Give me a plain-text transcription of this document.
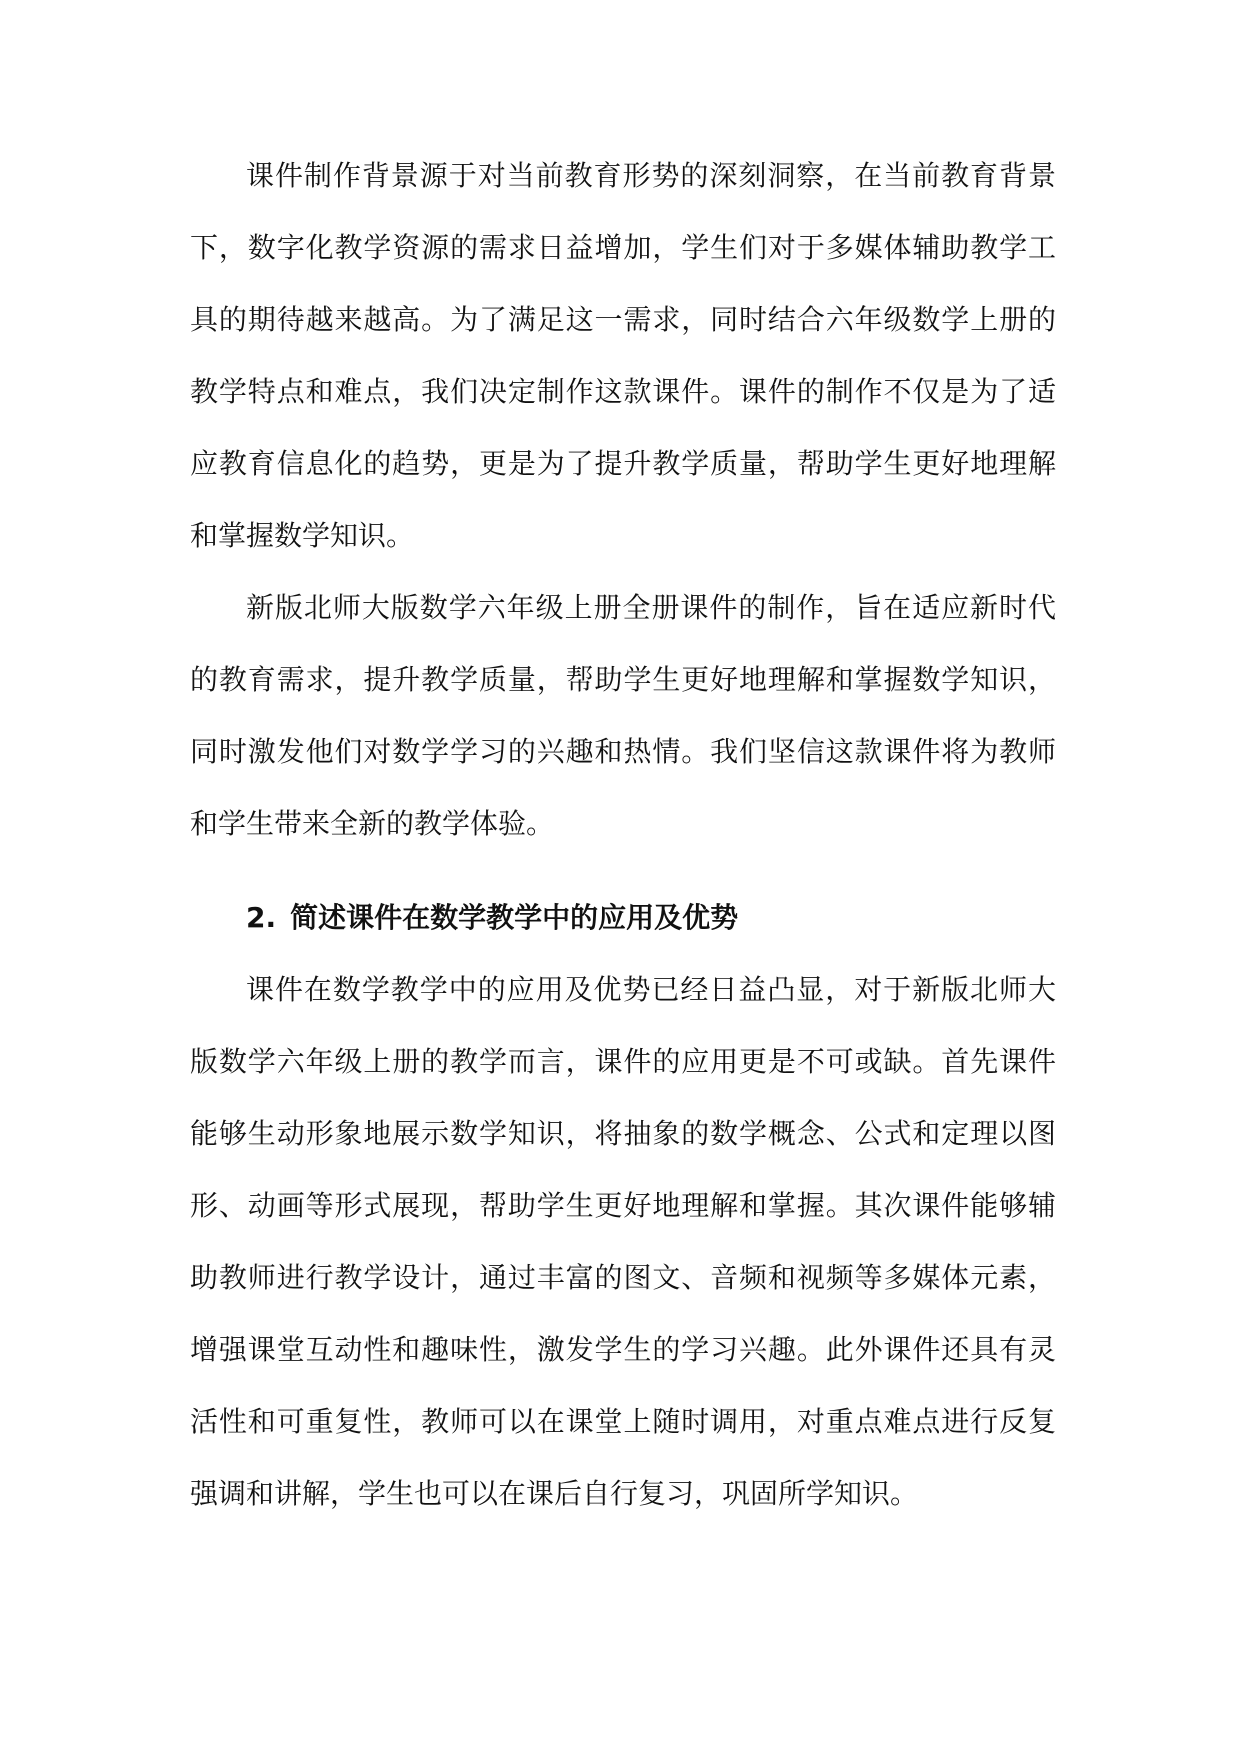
课件制作背景源于对当前教育形势的深刻洞察，在当前教育背景下，数字化教学资源的需求日益增加，学生们对于多媒体辅助教学工具的期待越来越高。为了满足这一需求，同时结合六年级数学上册的教学特点和难点，我们决定制作这款课件。课件的制作不仅是为了适应教育信息化的趋势，更是为了提升教学质量，帮助学生更好地理解和掌握数学知识。

新版北师大版数学六年级上册全册课件的制作，旨在适应新时代的教育需求，提升教学质量，帮助学生更好地理解和掌握数学知识，同时激发他们对数学学习的兴趣和热情。我们坚信这款课件将为教师和学生带来全新的教学体验。

2. 简述课件在数学教学中的应用及优势

课件在数学教学中的应用及优势已经日益凸显，对于新版北师大版数学六年级上册的教学而言，课件的应用更是不可或缺。首先课件能够生动形象地展示数学知识，将抽象的数学概念、公式和定理以图形、动画等形式展现，帮助学生更好地理解和掌握。其次课件能够辅助教师进行教学设计，通过丰富的图文、音频和视频等多媒体元素，增强课堂互动性和趣味性，激发学生的学习兴趣。此外课件还具有灵活性和可重复性，教师可以在课堂上随时调用，对重点难点进行反复强调和讲解，学生也可以在课后自行复习，巩固所学知识。
